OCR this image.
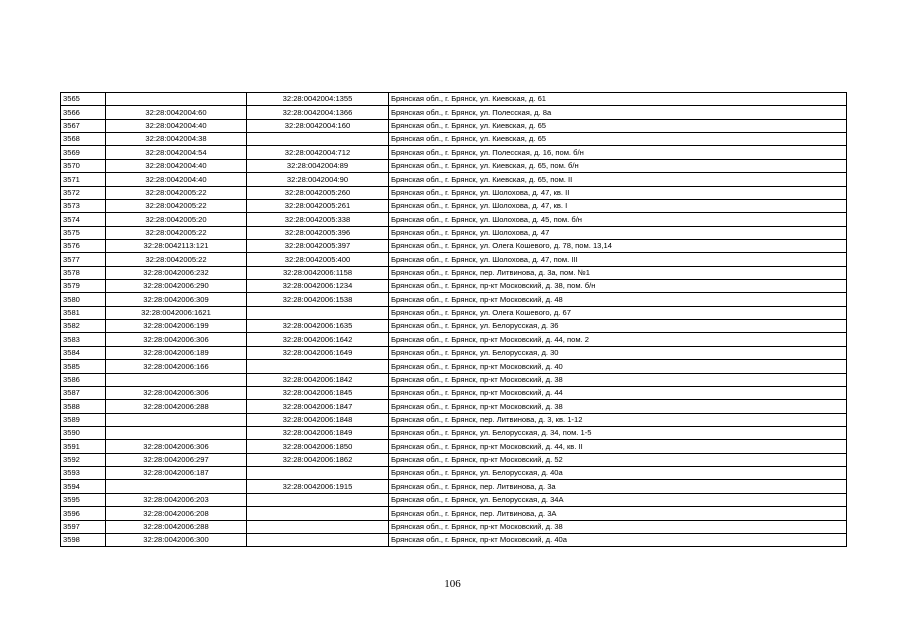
3565		32:28:0042004:1355	Брянская обл., г. Брянск, ул. Киевская, д. 61
3566	32:28:0042004:60	32:28:0042004:1366	Брянская обл., г. Брянск, ул. Полесская, д. 8а
3567	32:28:0042004:40	32:28:0042004:160	Брянская обл., г. Брянск, ул. Киевская, д. 65
3568	32:28:0042004:38		Брянская обл., г. Брянск, ул. Киевская, д. 65
3569	32:28:0042004:54	32:28:0042004:712	Брянская обл., г. Брянск, ул. Полесская, д. 16, пом. б/н
3570	32:28:0042004:40	32:28:0042004:89	Брянская обл., г. Брянск, ул. Киевская, д. 65, пом. б/н
3571	32:28:0042004:40	32:28:0042004:90	Брянская обл., г. Брянск, ул. Киевская, д. 65, пом. II
3572	32:28:0042005:22	32:28:0042005:260	Брянская обл., г. Брянск, ул. Шолохова, д. 47, кв. II
3573	32:28:0042005:22	32:28:0042005:261	Брянская обл., г. Брянск, ул. Шолохова, д. 47, кв. I
3574	32:28:0042005:20	32:28:0042005:338	Брянская обл., г. Брянск, ул. Шолохова, д. 45, пом. б/н
3575	32:28:0042005:22	32:28:0042005:396	Брянская обл., г. Брянск, ул. Шолохова, д. 47
3576	32:28:0042113:121	32:28:0042005:397	Брянская обл., г. Брянск, ул. Олега Кошевого, д. 78, пом. 13,14
3577	32:28:0042005:22	32:28:0042005:400	Брянская обл., г. Брянск, ул. Шолохова, д. 47, пом. III
3578	32:28:0042006:232	32:28:0042006:1158	Брянская обл., г. Брянск, пер. Литвинова, д. 3а, пом. №1
3579	32:28:0042006:290	32:28:0042006:1234	Брянская обл., г. Брянск, пр-кт Московский, д. 38, пом. б/н
3580	32:28:0042006:309	32:28:0042006:1538	Брянская обл., г. Брянск, пр-кт Московский, д. 48
3581	32:28:0042006:1621		Брянская обл., г. Брянск, ул. Олега Кошевого, д. 67
3582	32:28:0042006:199	32:28:0042006:1635	Брянская обл., г. Брянск, ул. Белорусская, д. 36
3583	32:28:0042006:306	32:28:0042006:1642	Брянская обл., г. Брянск, пр-кт Московский, д. 44, пом. 2
3584	32:28:0042006:189	32:28:0042006:1649	Брянская обл., г. Брянск, ул. Белорусская, д. 30
3585	32:28:0042006:166		Брянская обл., г. Брянск, пр-кт Московский, д. 40
3586		32:28:0042006:1842	Брянская обл., г. Брянск, пр-кт Московский, д. 38
3587	32:28:0042006:306	32:28:0042006:1845	Брянская обл., г. Брянск, пр-кт Московский, д. 44
3588	32:28:0042006:288	32:28:0042006:1847	Брянская обл., г. Брянск, пр-кт Московский, д. 38
3589		32:28:0042006:1848	Брянская обл., г. Брянск, пер. Литвинова, д. 3, кв. 1-12
3590		32:28:0042006:1849	Брянская обл., г. Брянск, ул. Белорусская, д. 34, пом. 1-5
3591	32:28:0042006:306	32:28:0042006:1850	Брянская обл., г. Брянск, пр-кт Московский, д. 44, кв. II
3592	32:28:0042006:297	32:28:0042006:1862	Брянская обл., г. Брянск, пр-кт Московский, д. 52
3593	32:28:0042006:187		Брянская обл., г. Брянск, ул. Белорусская, д. 40а
3594		32:28:0042006:1915	Брянская обл., г. Брянск, пер. Литвинова, д. 3а
3595	32:28:0042006:203		Брянская обл., г. Брянск, ул. Белорусская, д. 34А
3596	32:28:0042006:208		Брянская обл., г. Брянск, пер. Литвинова, д. 3А
3597	32:28:0042006:288		Брянская обл., г. Брянск, пр-кт Московский, д. 38
3598	32:28:0042006:300		Брянская обл., г. Брянск, пр-кт Московский, д. 40а
106
